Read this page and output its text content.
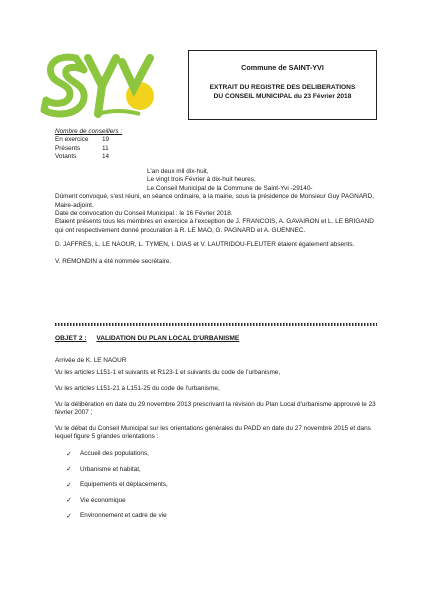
Commune de SAINT-YVI
EXTRAIT DU REGISTRE DES DELIBERATIONS
DU CONSEIL MUNICIPAL du 23 Février 2018
Nombre de conseillers :
En exercice	19
Présents	11
Votants	14
L'an deux mil dix-huit,
Le vingt trois Février à dix-huit heures,
Le Conseil Municipal de la Commune de Saint-Yvi -29140-
Dûment convoqué, s'est réuni, en séance ordinaire, à la mairie, sous la présidence de Monsieur Guy PAGNARD, Maire-adjoint.
Date de convocation du Conseil Municipal : le 16 Février 2018.
Etaient présents tous les membres en exercice à l'exception de J. FRANCOIS, A. GAVAIRON et L. LE BRIGAND qui ont respectivement donné procuration à R. LE MAO, G. PAGNARD et A. GUENNEC.
D. JAFFRES, L. LE NAOUR, L. TYMEN, I. DIAS et V. LAUTRIDOU-FLEUTER étaient également absents.
V. REMONDIN a été nommée secrétaire.
OBJET 2 : VALIDATION DU PLAN LOCAL D'URBANISME
Arrivée de K. LE NAOUR
Vu les articles L151-1 et suivants et R123-1 et suivants du code de l'urbanisme,
Vu les articles L151-21 à L151-25 du code de l'urbanisme,
Vu la délibération en date du 29 novembre 2013 prescrivant la révision du Plan Local d'urbanisme approuvé le 23 février 2007 ;
Vu le débat du Conseil Municipal sur les orientations générales du PADD en date du 27 novembre 2015 et dans lequel figure 5 grandes orientations :
✓	Accueil des populations,
✓	Urbanisme et habitat,
✓	Equipements et déplacements,
✓	Vie économique
✓	Environnement et cadre de vie
